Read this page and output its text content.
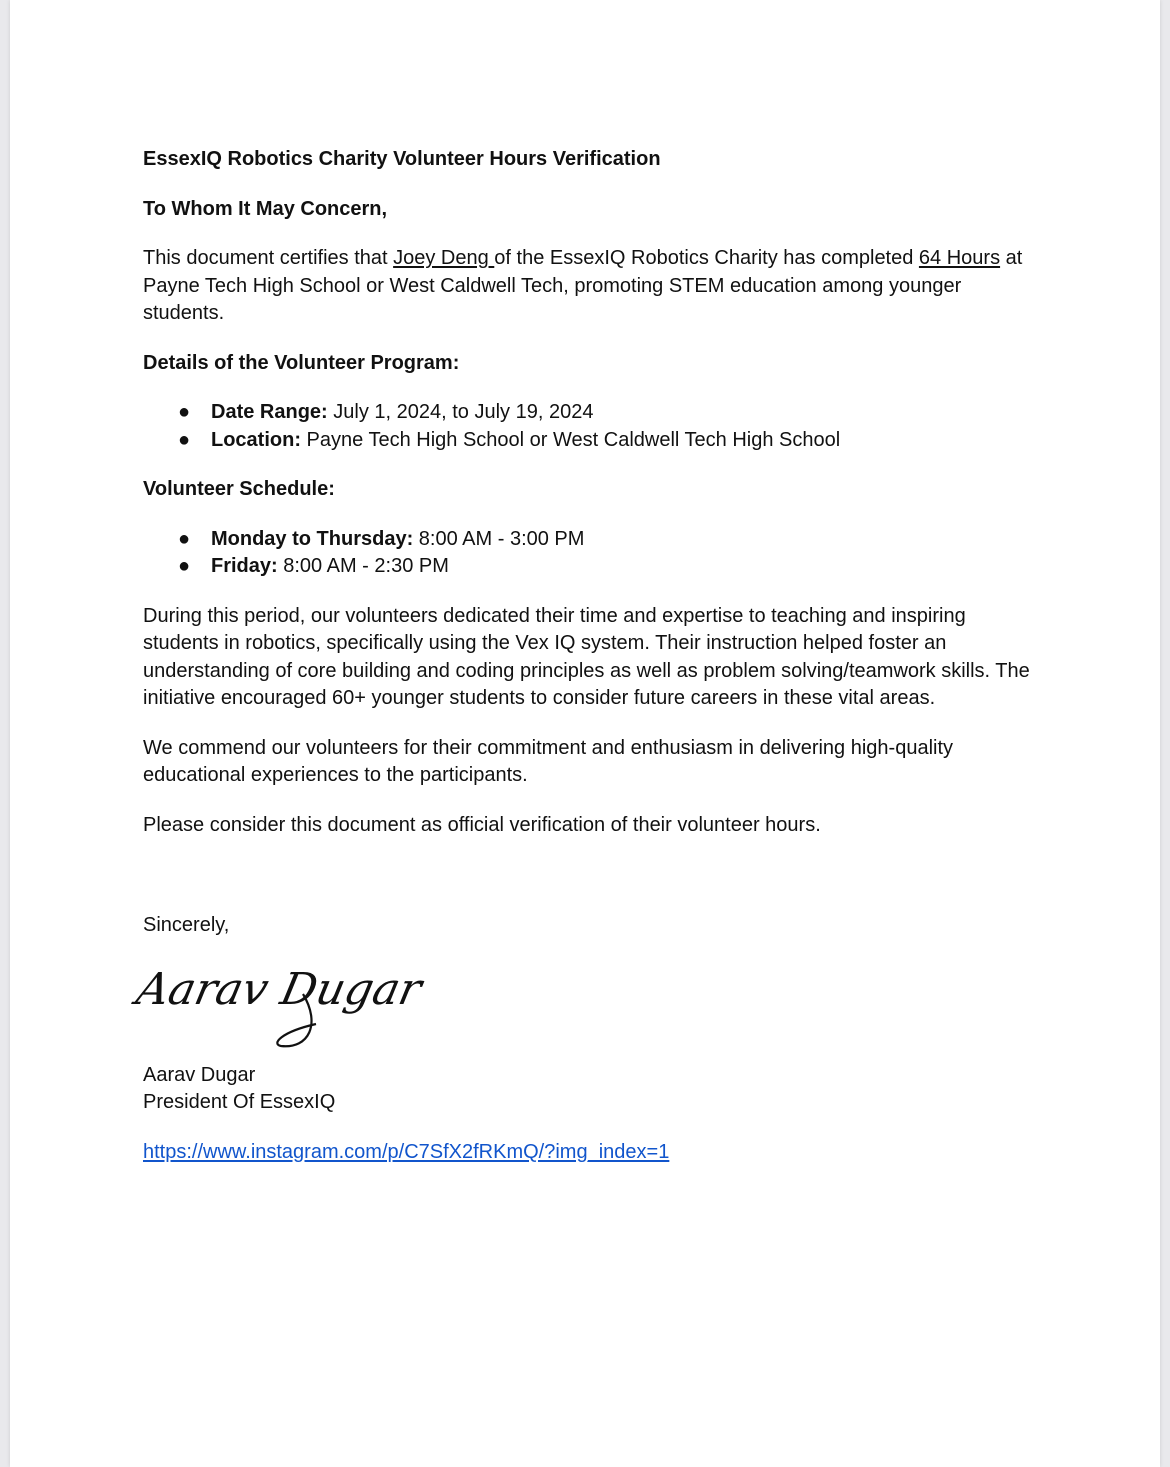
EssexIQ Robotics Charity Volunteer Hours Verification

To Whom It May Concern,

This document certifies that Joey Deng of the EssexIQ Robotics Charity has completed 64 Hours at Payne Tech High School or West Caldwell Tech, promoting STEM education among younger students.

Details of the Volunteer Program:

● Date Range: July 1, 2024, to July 19, 2024
● Location: Payne Tech High School or West Caldwell Tech High School

Volunteer Schedule:

● Monday to Thursday: 8:00 AM - 3:00 PM
● Friday: 8:00 AM - 2:30 PM

During this period, our volunteers dedicated their time and expertise to teaching and inspiring students in robotics, specifically using the Vex IQ system. Their instruction helped foster an understanding of core building and coding principles as well as problem solving/teamwork skills. The initiative encouraged 60+ younger students to consider future careers in these vital areas.

We commend our volunteers for their commitment and enthusiasm in delivering high-quality educational experiences to the participants.

Please consider this document as official verification of their volunteer hours.

Sincerely,

Aarav Dugar

Aarav Dugar

President Of EssexIQ

https://www.instagram.com/p/C7SfX2fRKmQ/?img_index=1
